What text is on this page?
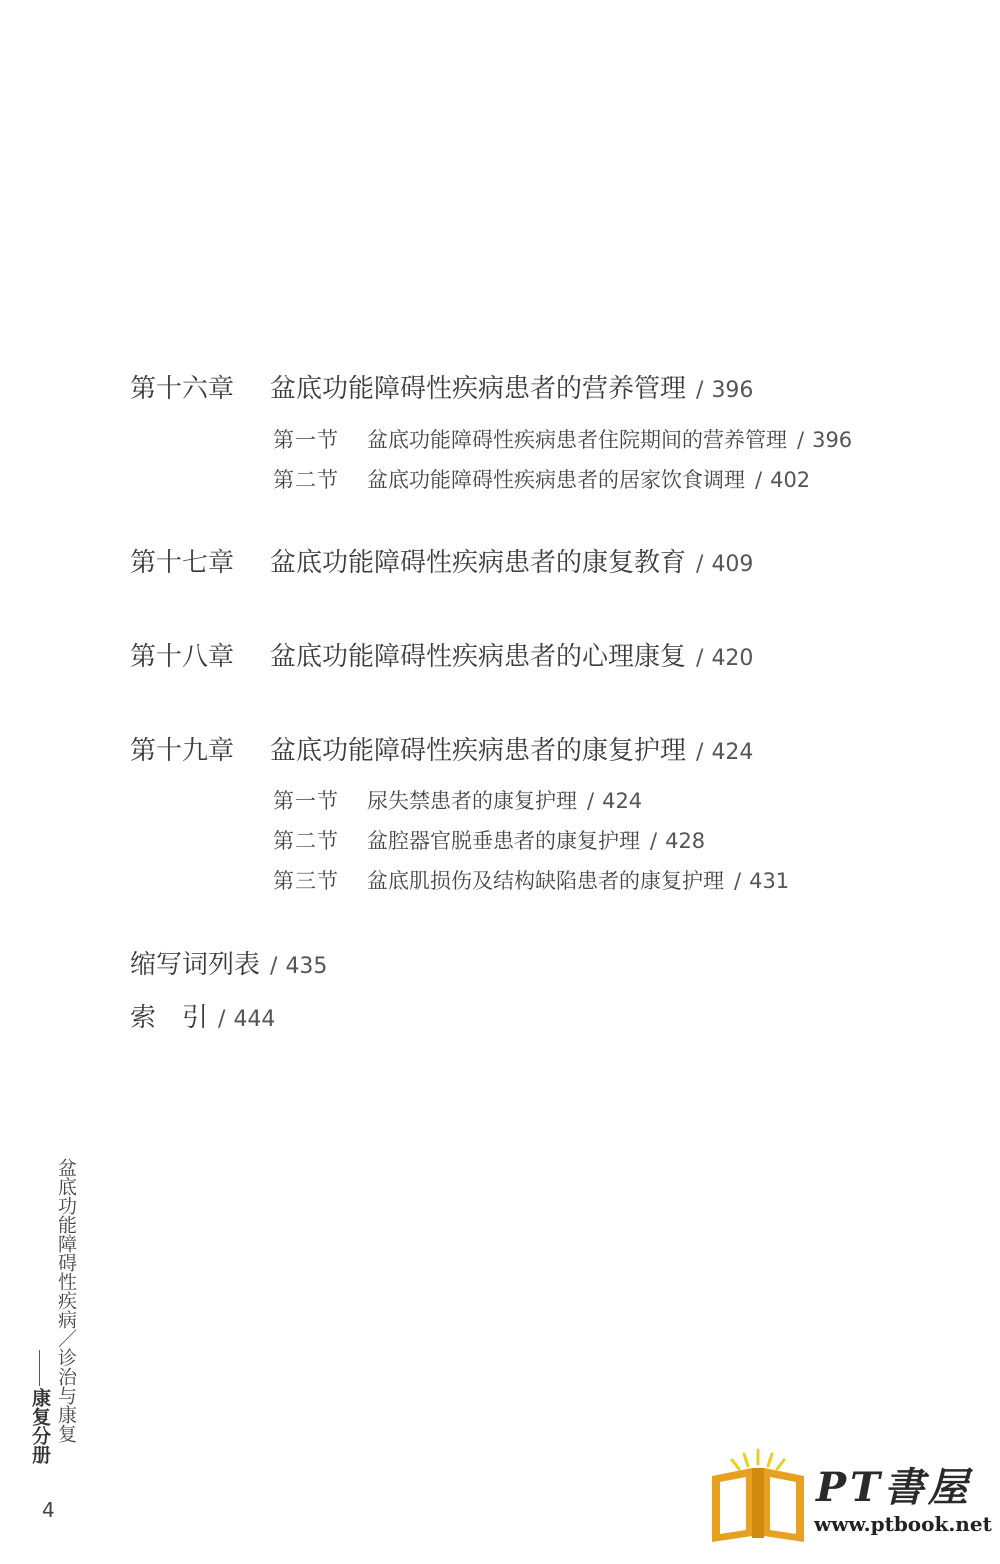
第十六章 盆底功能障碍性疾病患者的营养管理 / 396
第一节 盆底功能障碍性疾病患者住院期间的营养管理 / 396
第二节 盆底功能障碍性疾病患者的居家饮食调理 / 402
第十七章 盆底功能障碍性疾病患者的康复教育 / 409
第十八章 盆底功能障碍性疾病患者的心理康复 / 420
第十九章 盆底功能障碍性疾病患者的康复护理 / 424
第一节 尿失禁患者的康复护理 / 424
第二节 盆腔器官脱垂患者的康复护理 / 428
第三节 盆底肌损伤及结构缺陷患者的康复护理 / 431
缩写词列表 / 435
索　引 / 444
盆底功能障碍性疾病／诊治与康复
康复分册
4	PT書屋
www.ptbook.net
